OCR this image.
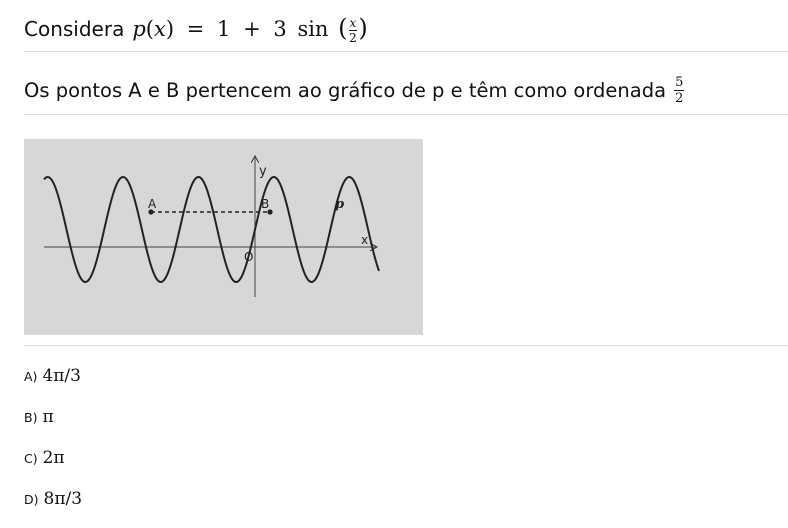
Considera p(x) = 1 + 3 sin ( $\frac{x}{2}$ )
Os pontos A e B pertencem ao gráfico de p e têm como ordenada $\frac{5}{2}$
A	B
y
x
O
p
A) 4π/3
B) π
C) 2π
D) 8π/3
